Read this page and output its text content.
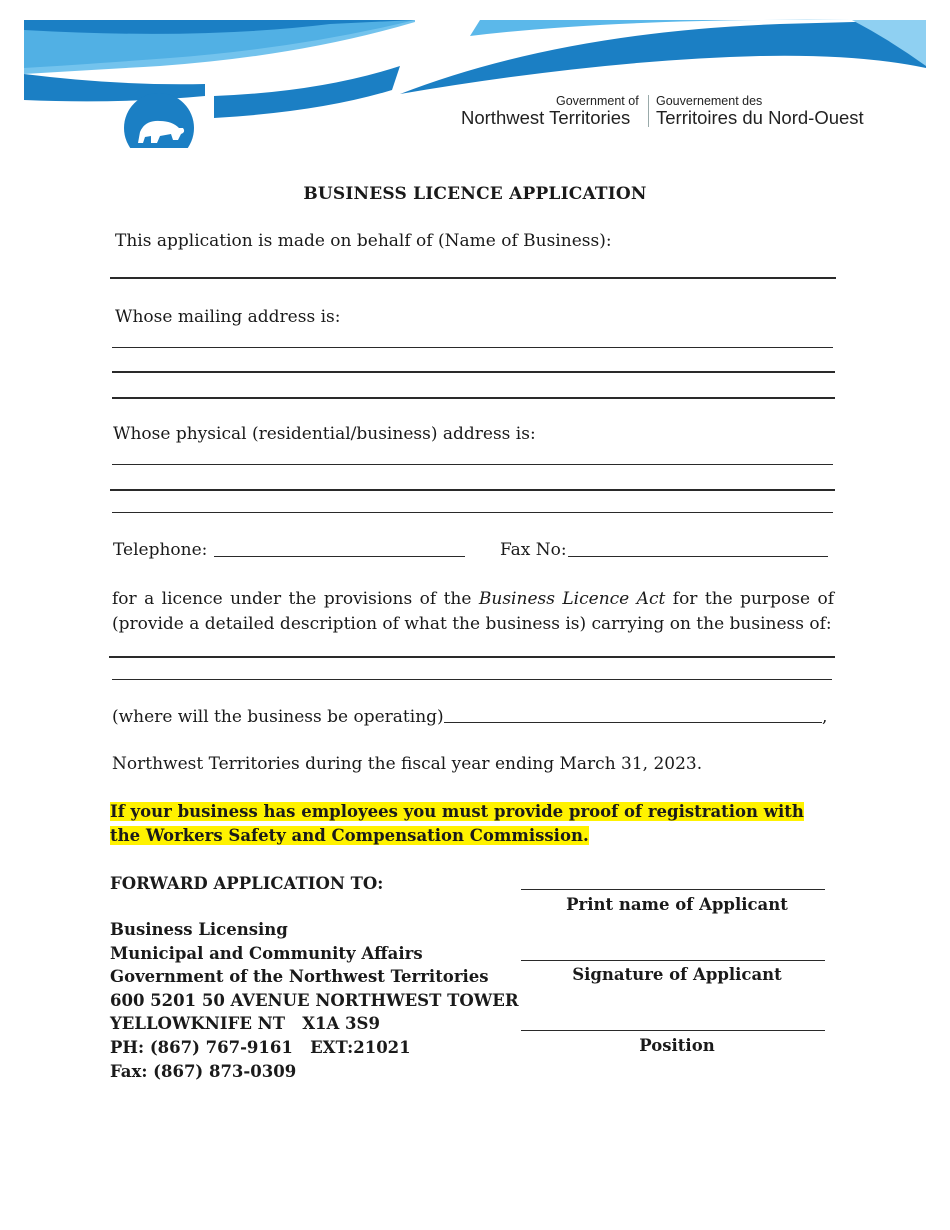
Government of
Northwest Territories
Gouvernement des
Territoires du Nord-Ouest
BUSINESS LICENCE APPLICATION
This application is made on behalf of (Name of Business):
Whose mailing address is:
Whose physical (residential/business) address is:
Telephone:	Fax No:
for a licence under the provisions of the Business Licence Act for the purpose of (provide a detailed description of what the business is) carrying on the business of:
(where will the business be operating)	,
Northwest Territories during the fiscal year ending March 31, 2023.
If your business has employees you must provide proof of registration with the Workers Safety and Compensation Commission.
FORWARD APPLICATION TO:
Business Licensing
Municipal and Community Affairs
Government of the Northwest Territories
600 5201 50 AVENUE NORTHWEST TOWER
YELLOWKNIFE NT   X1A 3S9
PH: (867) 767-9161   EXT:21021
Fax: (867) 873-0309
Print name of Applicant
Signature of Applicant
Position
